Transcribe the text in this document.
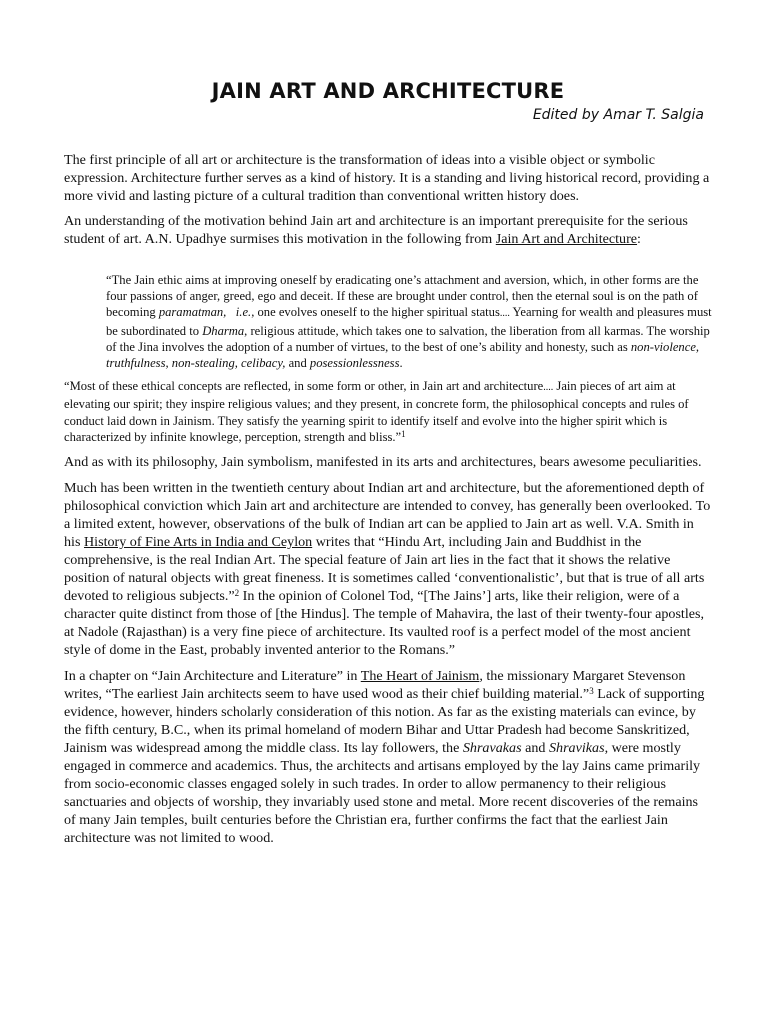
JAIN ART AND ARCHITECTURE
Edited by Amar T. Salgia

The first principle of all art or architecture is the transformation of ideas into a visible object or symbolic expression. Architecture further serves as a kind of history. It is a standing and living historical record, providing a more vivid and lasting picture of a cultural tradition than conventional written history does.

An understanding of the motivation behind Jain art and architecture is an important prerequisite for the serious student of art. A.N. Upadhye surmises this motivation in the following from Jain Art and Architecture:

“The Jain ethic aims at improving oneself by eradicating one’s attachment and aversion, which, in other forms are the four passions of anger, greed, ego and deceit. If these are brought under control, then the eternal soul is on the path of becoming paramatman, i.e., one evolves oneself to the higher spiritual status.... Yearning for wealth and pleasures must be subordinated to Dharma, religious attitude, which takes one to salvation, the liberation from all karmas. The worship of the Jina involves the adoption of a number of virtues, to the best of one’s ability and honesty, such as non-violence, truthfulness, non-stealing, celibacy, and posessionlessness.

“Most of these ethical concepts are reflected, in some form or other, in Jain art and architecture.... Jain pieces of art aim at elevating our spirit; they inspire religious values; and they present, in concrete form, the philosophical concepts and rules of conduct laid down in Jainism. They satisfy the yearning spirit to identify itself and evolve into the higher spirit which is characterized by infinite knowlege, perception, strength and bliss.”$^1$

And as with its philosophy, Jain symbolism, manifested in its arts and architectures, bears awesome peculiarities.

Much has been written in the twentieth century about Indian art and architecture, but the aforementioned depth of philosophical conviction which Jain art and architecture are intended to convey, has generally been overlooked. To a limited extent, however, observations of the bulk of Indian art can be applied to Jain art as well. V.A. Smith in his History of Fine Arts in India and Ceylon writes that “Hindu Art, including Jain and Buddhist in the comprehensive, is the real Indian Art. The special feature of Jain art lies in the fact that it shows the relative position of natural objects with great fineness. It is sometimes called ‘conventionalistic’, but that is true of all arts devoted to religious subjects.”$^2$ In the opinion of Colonel Tod, “[The Jains’] arts, like their religion, were of a character quite distinct from those of [the Hindus]. The temple of Mahavira, the last of their twenty-four apostles, at Nadole (Rajasthan) is a very fine piece of architecture. Its vaulted roof is a perfect model of the most ancient style of dome in the East, probably invented anterior to the Romans.”

In a chapter on “Jain Architecture and Literature” in The Heart of Jainism, the missionary Margaret Stevenson writes, “The earliest Jain architects seem to have used wood as their chief building material.”$^3$ Lack of supporting evidence, however, hinders scholarly consideration of this notion. As far as the existing materials can evince, by the fifth century, B.C., when its primal homeland of modern Bihar and Uttar Pradesh had become Sanskritized, Jainism was widespread among the middle class. Its lay followers, the Shravakas and Shravikas, were mostly engaged in commerce and academics. Thus, the architects and artisans employed by the lay Jains came primarily from socio-economic classes engaged solely in such trades. In order to allow permanency to their religious sanctuaries and objects of worship, they invariably used stone and metal. More recent discoveries of the remains of many Jain temples, built centuries before the Christian era, further confirms the fact that the earliest Jain architecture was not limited to wood.
